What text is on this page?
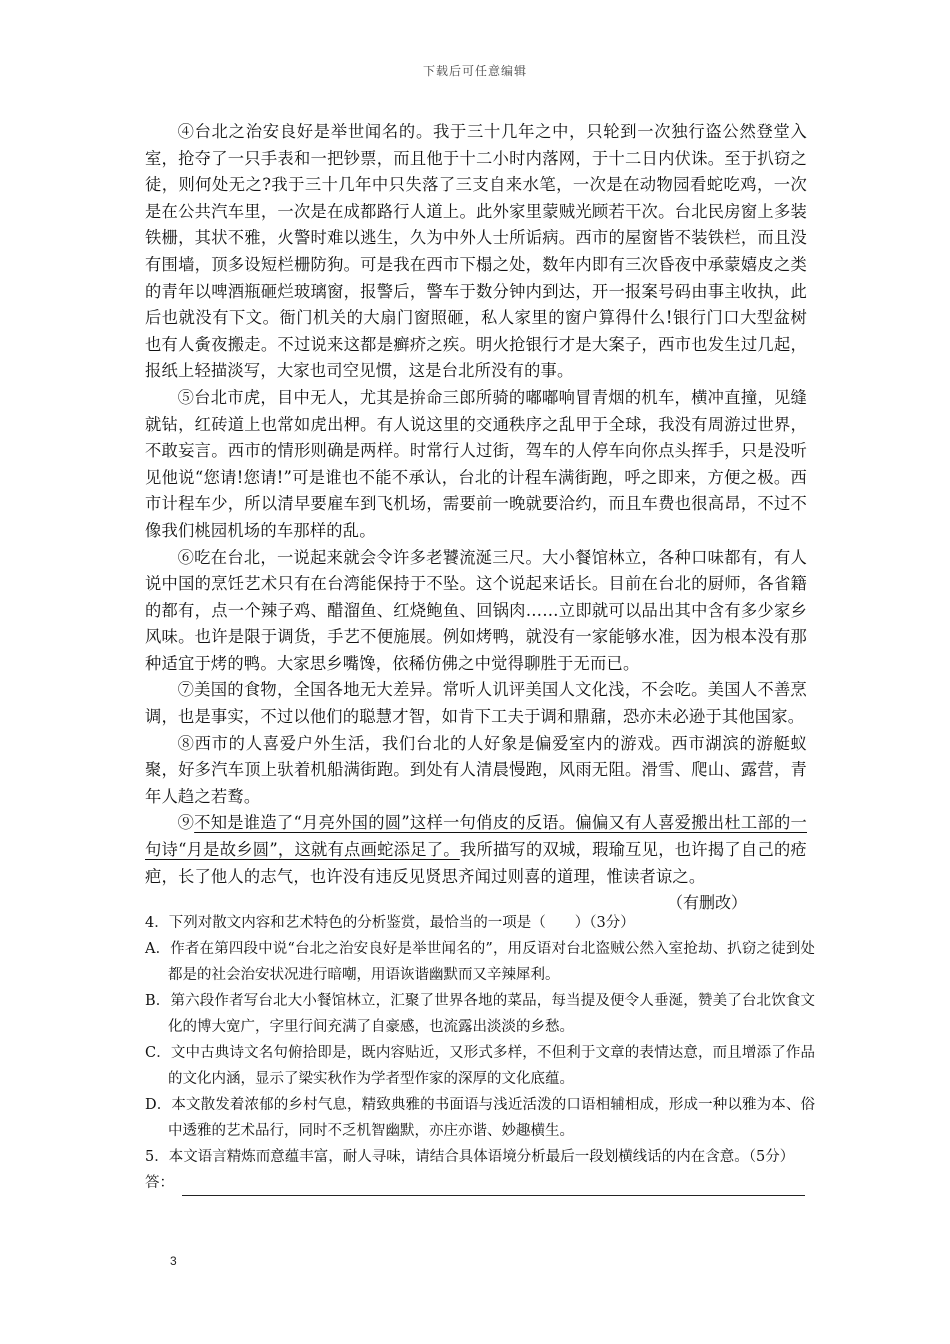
下载后可任意编辑

④台北之治安良好是举世闻名的。我于三十几年之中，只轮到一次独行盗公然登堂入室，抢夺了一只手表和一把钞票，而且他于十二小时内落网，于十二日内伏诛。至于扒窃之徒，则何处无之?我于三十几年中只失落了三支自来水笔，一次是在动物园看蛇吃鸡，一次是在公共汽车里，一次是在成都路行人道上。此外家里蒙贼光顾若干次。台北民房窗上多装铁栅，其状不雅，火警时难以逃生，久为中外人士所诟病。西市的屋窗皆不装铁栏，而且没有围墙，顶多设短栏栅防狗。可是我在西市下榻之处，数年内即有三次昏夜中承蒙嬉皮之类的青年以啤酒瓶砸烂玻璃窗，报警后，警车于数分钟内到达，开一报案号码由事主收执，此后也就没有下文。衙门机关的大扇门窗照砸，私人家里的窗户算得什么!银行门口大型盆树也有人夤夜搬走。不过说来这都是癣疥之疾。明火抢银行才是大案子，西市也发生过几起，报纸上轻描淡写，大家也司空见惯，这是台北所没有的事。

⑤台北市虎，目中无人，尤其是拚命三郎所骑的嘟嘟响冒青烟的机车，横冲直撞，见缝就钻，红砖道上也常如虎出柙。有人说这里的交通秩序之乱甲于全球，我没有周游过世界，不敢妄言。西市的情形则确是两样。时常行人过街，驾车的人停车向你点头挥手，只是没听见他说“您请!您请!”可是谁也不能不承认，台北的计程车满街跑，呼之即来，方便之极。西市计程车少，所以清早要雇车到飞机场，需要前一晚就要洽约，而且车费也很高昂，不过不像我们桃园机场的车那样的乱。

⑥吃在台北，一说起来就会令许多老饕流涎三尺。大小餐馆林立，各种口味都有，有人说中国的烹饪艺术只有在台湾能保持于不坠。这个说起来话长。目前在台北的厨师，各省籍的都有，点一个辣子鸡、醋溜鱼、红烧鲍鱼、回锅肉……立即就可以品出其中含有多少家乡风味。也许是限于调货，手艺不便施展。例如烤鸭，就没有一家能够水准，因为根本没有那种适宜于烤的鸭。大家思乡嘴馋，依稀仿佛之中觉得聊胜于无而已。

⑦美国的食物，全国各地无大差异。常听人讥评美国人文化浅，不会吃。美国人不善烹调，也是事实，不过以他们的聪慧才智，如肯下工夫于调和鼎鼐，恐亦未必逊于其他国家。

⑧西市的人喜爱户外生活，我们台北的人好象是偏爱室内的游戏。西市湖滨的游艇蚁聚，好多汽车顶上驮着机船满街跑。到处有人清晨慢跑，风雨无阻。滑雪、爬山、露营，青年人趋之若鹜。

⑨不知是谁造了“月亮外国的圆”这样一句俏皮的反语。偏偏又有人喜爱搬出杜工部的一句诗“月是故乡圆”，这就有点画蛇添足了。我所描写的双城，瑕瑜互见，也许揭了自己的疮疤，长了他人的志气，也许没有违反见贤思齐闻过则喜的道理，惟读者谅之。

（有删改）

4．下列对散文内容和艺术特色的分析鉴赏，最恰当的一项是（　　）（3分）

A．作者在第四段中说“台北之治安良好是举世闻名的”，用反语对台北盗贼公然入室抢劫、扒窃之徒到处都是的社会治安状况进行暗嘲，用语诙谐幽默而又辛辣犀利。

B．第六段作者写台北大小餐馆林立，汇聚了世界各地的菜品，每当提及便令人垂涎，赞美了台北饮食文化的博大宽广，字里行间充满了自豪感，也流露出淡淡的乡愁。

C．文中古典诗文名句俯拾即是，既内容贴近，又形式多样，不但利于文章的表情达意，而且增添了作品的文化内涵，显示了梁实秋作为学者型作家的深厚的文化底蕴。

D．本文散发着浓郁的乡村气息，精致典雅的书面语与浅近活泼的口语相辅相成，形成一种以雅为本、俗中透雅的艺术品行，同时不乏机智幽默，亦庄亦谐、妙趣横生。

5．本文语言精炼而意蕴丰富，耐人寻味，请结合具体语境分析最后一段划横线话的内在含意。（5分）

答：
3
